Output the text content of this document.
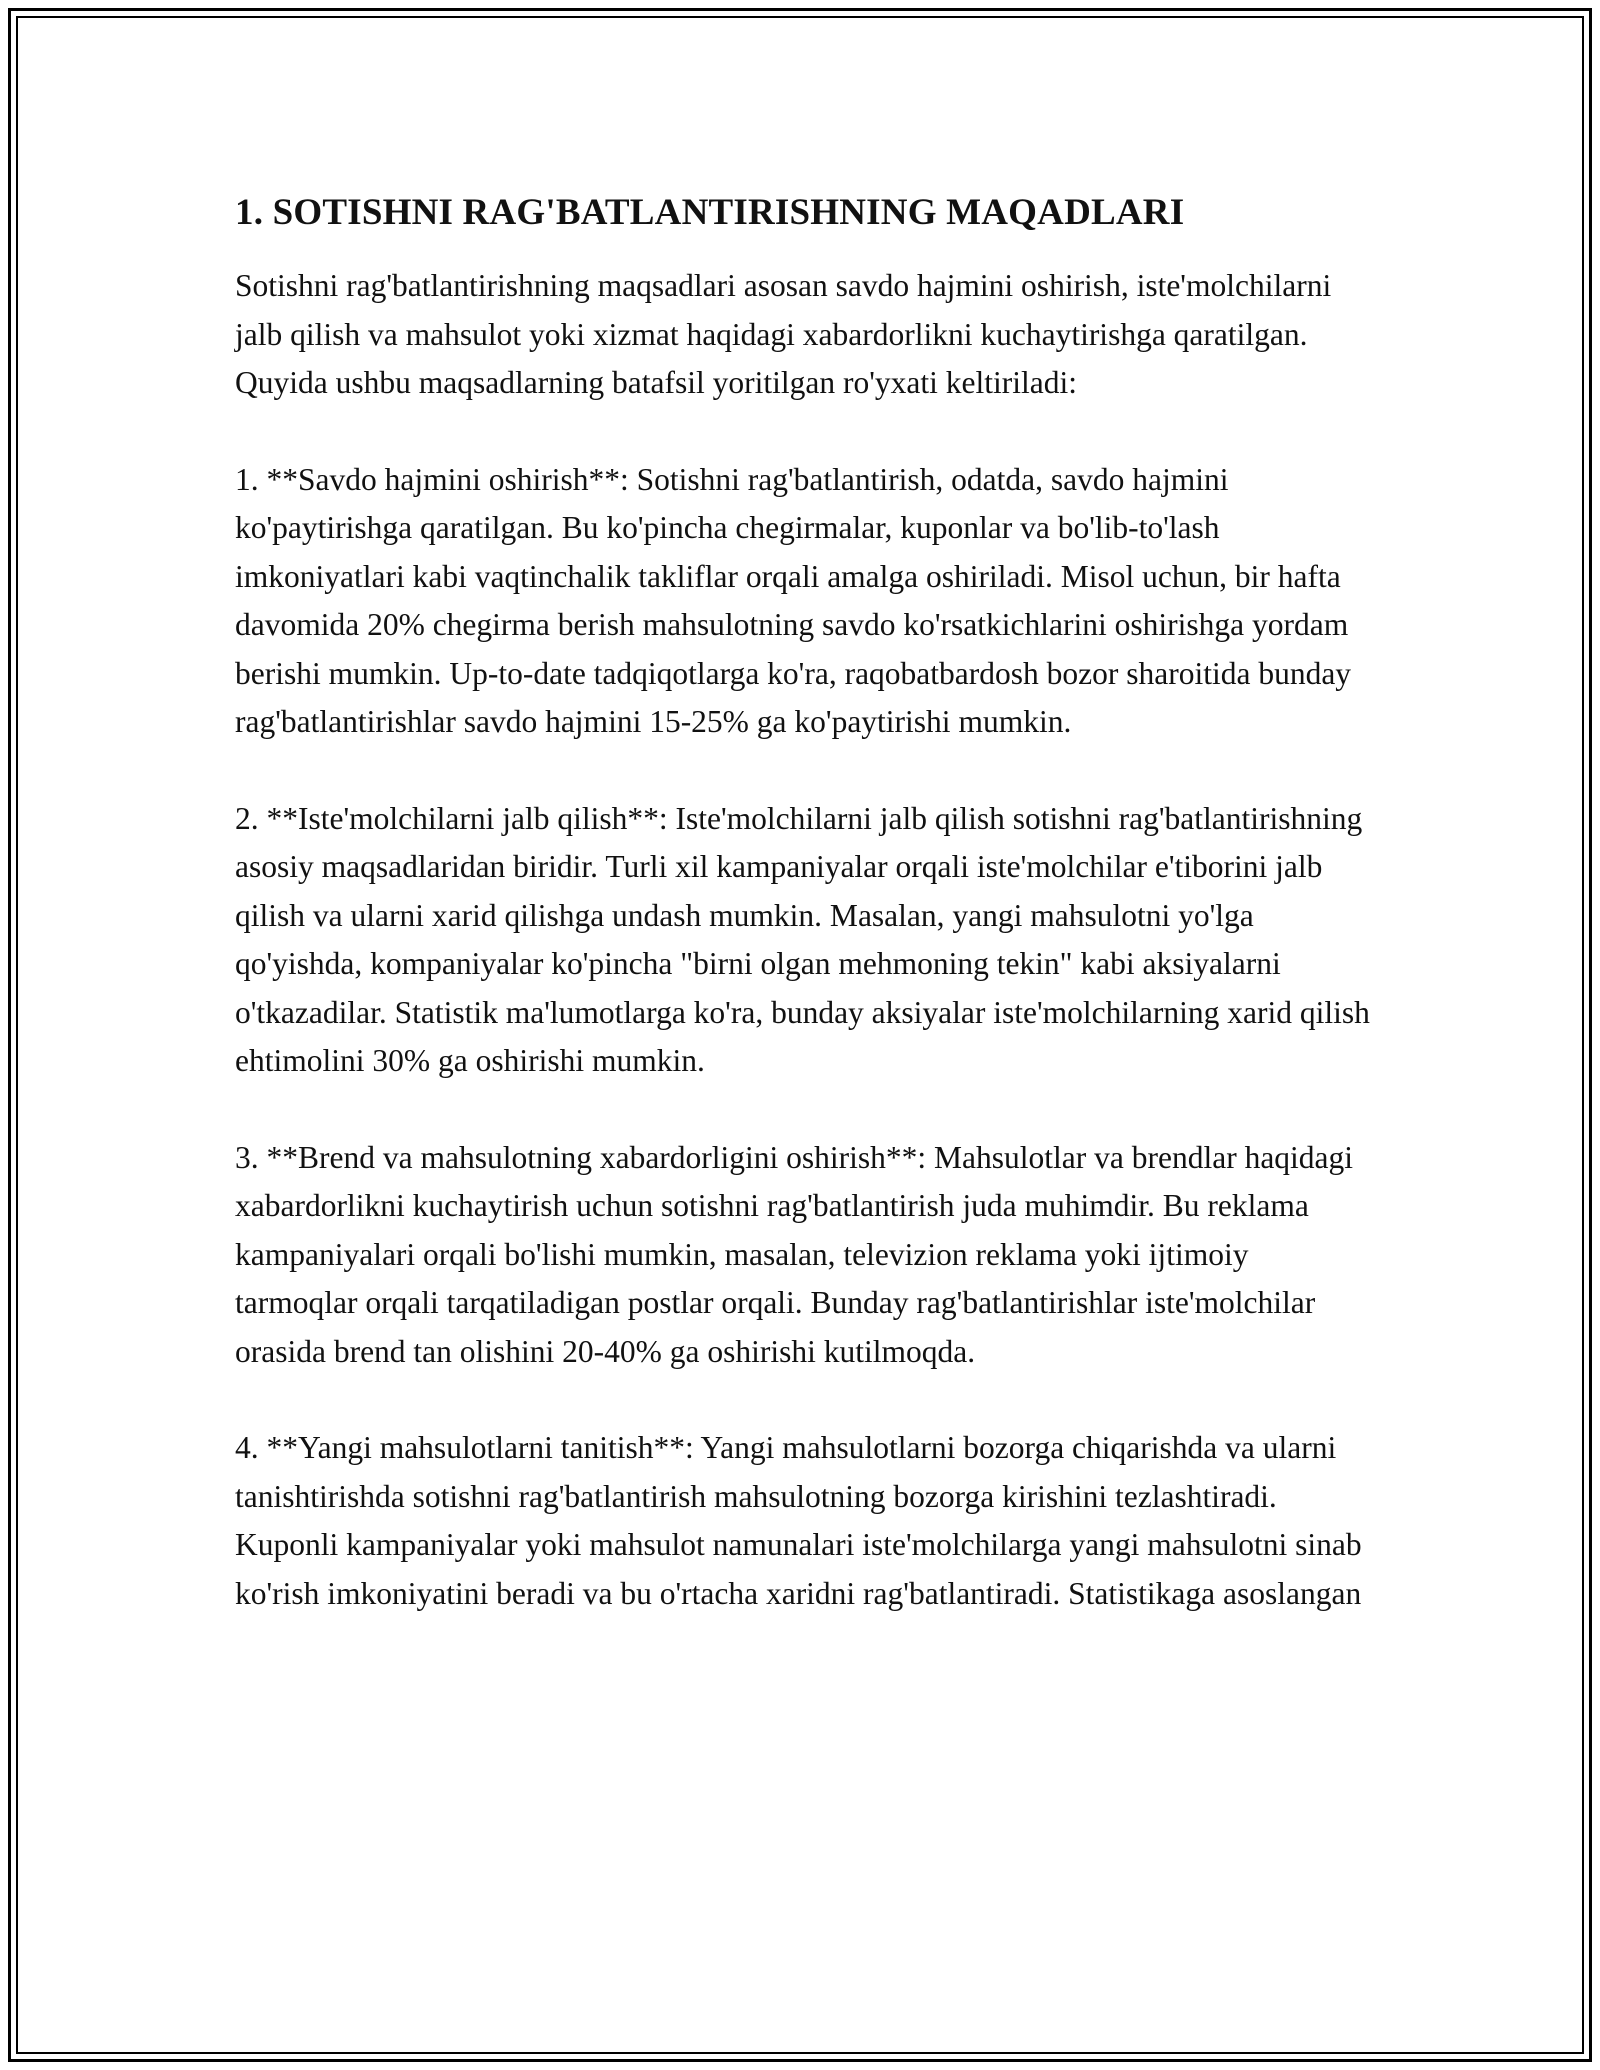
1. SOTISHNI RAG'BATLANTIRISHNING MAQADLARI

Sotishni rag'batlantirishning maqsadlari asosan savdo hajmini oshirish, iste'molchilarni jalb qilish va mahsulot yoki xizmat haqidagi xabardorlikni kuchaytirishga qaratilgan. Quyida ushbu maqsadlarning batafsil yoritilgan ro'yxati keltiriladi:

1. **Savdo hajmini oshirish**: Sotishni rag'batlantirish, odatda, savdo hajmini ko'paytirishga qaratilgan. Bu ko'pincha chegirmalar, kuponlar va bo'lib-to'lash imkoniyatlari kabi vaqtinchalik takliflar orqali amalga oshiriladi. Misol uchun, bir hafta davomida 20% chegirma berish mahsulotning savdo ko'rsatkichlarini oshirishga yordam berishi mumkin. Up-to-date tadqiqotlarga ko'ra, raqobatbardosh bozor sharoitida bunday rag'batlantirishlar savdo hajmini 15-25% ga ko'paytirishi mumkin.

2. **Iste'molchilarni jalb qilish**: Iste'molchilarni jalb qilish sotishni rag'batlantirishning asosiy maqsadlaridan biridir. Turli xil kampaniyalar orqali iste'molchilar e'tiborini jalb qilish va ularni xarid qilishga undash mumkin. Masalan, yangi mahsulotni yo'lga qo'yishda, kompaniyalar ko'pincha "birni olgan mehmoning tekin" kabi aksiyalarni o'tkazadilar. Statistik ma'lumotlarga ko'ra, bunday aksiyalar iste'molchilarning xarid qilish ehtimolini 30% ga oshirishi mumkin.

3. **Brend va mahsulotning xabardorligini oshirish**: Mahsulotlar va brendlar haqidagi xabardorlikni kuchaytirish uchun sotishni rag'batlantirish juda muhimdir. Bu reklama kampaniyalari orqali bo'lishi mumkin, masalan, televizion reklama yoki ijtimoiy tarmoqlar orqali tarqatiladigan postlar orqali. Bunday rag'batlantirishlar iste'molchilar orasida brend tan olishini 20-40% ga oshirishi kutilmoqda.

4. **Yangi mahsulotlarni tanitish**: Yangi mahsulotlarni bozorga chiqarishda va ularni tanishtirishda sotishni rag'batlantirish mahsulotning bozorga kirishini tezlashtiradi. Kuponli kampaniyalar yoki mahsulot namunalari iste'molchilarga yangi mahsulotni sinab ko'rish imkoniyatini beradi va bu o'rtacha xaridni rag'batlantiradi. Statistikaga asoslangan
